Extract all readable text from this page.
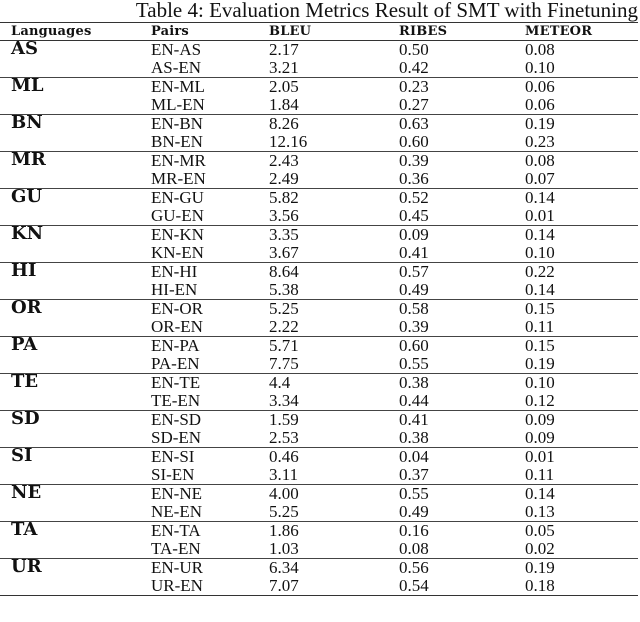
Table 4: Evaluation Metrics Result of SMT with Finetuning
Languages	Pairs	BLEU	RIBES	METEOR
AS	EN-AS	2.17	0.50	0.08
	AS-EN	3.21	0.42	0.10
ML	EN-ML	2.05	0.23	0.06
	ML-EN	1.84	0.27	0.06
BN	EN-BN	8.26	0.63	0.19
	BN-EN	12.16	0.60	0.23
MR	EN-MR	2.43	0.39	0.08
	MR-EN	2.49	0.36	0.07
GU	EN-GU	5.82	0.52	0.14
	GU-EN	3.56	0.45	0.01
KN	EN-KN	3.35	0.09	0.14
	KN-EN	3.67	0.41	0.10
HI	EN-HI	8.64	0.57	0.22
	HI-EN	5.38	0.49	0.14
OR	EN-OR	5.25	0.58	0.15
	OR-EN	2.22	0.39	0.11
PA	EN-PA	5.71	0.60	0.15
	PA-EN	7.75	0.55	0.19
TE	EN-TE	4.4	0.38	0.10
	TE-EN	3.34	0.44	0.12
SD	EN-SD	1.59	0.41	0.09
	SD-EN	2.53	0.38	0.09
SI	EN-SI	0.46	0.04	0.01
	SI-EN	3.11	0.37	0.11
NE	EN-NE	4.00	0.55	0.14
	NE-EN	5.25	0.49	0.13
TA	EN-TA	1.86	0.16	0.05
	TA-EN	1.03	0.08	0.02
UR	EN-UR	6.34	0.56	0.19
	UR-EN	7.07	0.54	0.18
